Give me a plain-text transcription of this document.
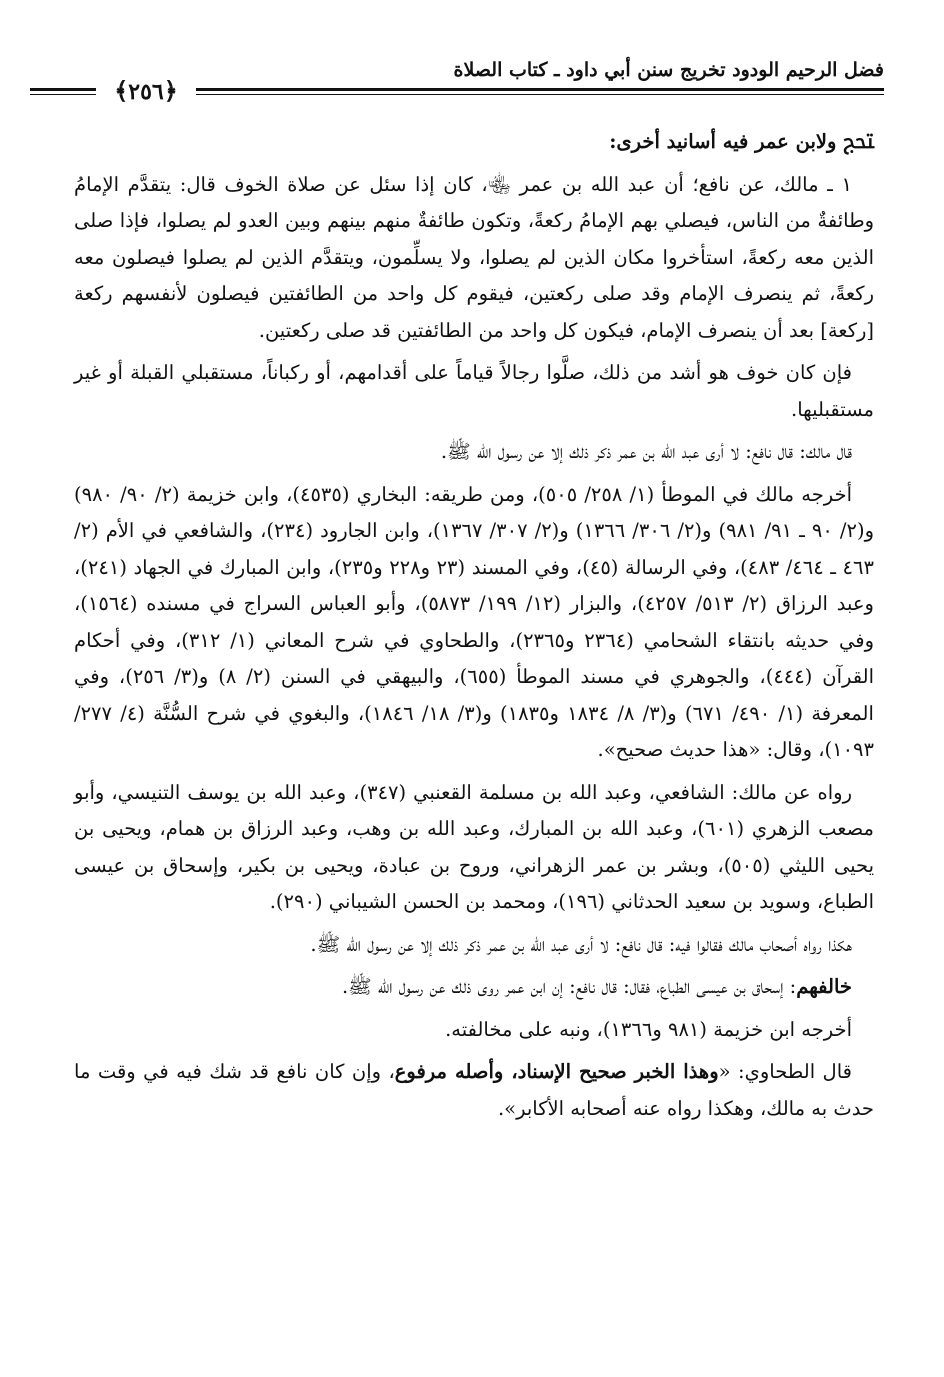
فضل الرحيم الودود تخريج سنن أبي داود ـ كتاب الصلاة
﴿٢٥٦﴾

ﵑ ولابن عمر فيه أسانيد أخرى:

١ ـ مالك، عن نافع؛ أن عبد الله بن عمر ﵄، كان إذا سئل عن صلاة الخوف قال: يتقدَّم الإمامُ وطائفةٌ من الناس، فيصلي بهم الإمامُ ركعةً، وتكون طائفةٌ منهم بينهم وبين العدو لم يصلوا، فإذا صلى الذين معه ركعةً، استأخروا مكان الذين لم يصلوا، ولا يسلِّمون، ويتقدَّم الذين لم يصلوا فيصلون معه ركعةً، ثم ينصرف الإمام وقد صلى ركعتين، فيقوم كل واحد من الطائفتين فيصلون لأنفسهم ركعة [ركعة] بعد أن ينصرف الإمام، فيكون كل واحد من الطائفتين قد صلى ركعتين.

فإن كان خوف هو أشد من ذلك، صلَّوا رجالاً قياماً على أقدامهم، أو ركباناً، مستقبلي القبلة أو غير مستقبليها.

قال مالك: قال نافع: لا أرى عبد الله بن عمر ذكر ذلك إلا عن رسول الله ﷺ.

أخرجه مالك في الموطأ (١/ ٢٥٨/ ٥٠٥)، ومن طريقه: البخاري (٤٥٣٥)، وابن خزيمة (٢/ ٩٠/ ٩٨٠) و(٢/ ٩٠ ـ ٩١/ ٩٨١) و(٢/ ٣٠٦/ ١٣٦٦) و(٢/ ٣٠٧/ ١٣٦٧)، وابن الجارود (٢٣٤)، والشافعي في الأم (٢/ ٤٦٣ ـ ٤٦٤/ ٤٨٣)، وفي الرسالة (٤٥)، وفي المسند (٢٣ و٢٢٨ و٢٣٥)، وابن المبارك في الجهاد (٢٤١)، وعبد الرزاق (٢/ ٥١٣/ ٤٢٥٧)، والبزار (١٢/ ١٩٩/ ٥٨٧٣)، وأبو العباس السراج في مسنده (١٥٦٤)، وفي حديثه بانتقاء الشحامي (٢٣٦٤ و٢٣٦٥)، والطحاوي في شرح المعاني (١/ ٣١٢)، وفي أحكام القرآن (٤٤٤)، والجوهري في مسند الموطأ (٦٥٥)، والبيهقي في السنن (٢/ ٨) و(٣/ ٢٥٦)، وفي المعرفة (١/ ٤٩٠/ ٦٧١) و(٣/ ٨/ ١٨٣٤ و١٨٣٥) و(٣/ ١٨/ ١٨٤٦)، والبغوي في شرح السُّنَّة (٤/ ٢٧٧/ ١٠٩٣)، وقال: «هذا حديث صحيح».

رواه عن مالك: الشافعي، وعبد الله بن مسلمة القعنبي (٣٤٧)، وعبد الله بن يوسف التنيسي، وأبو مصعب الزهري (٦٠١)، وعبد الله بن المبارك، وعبد الله بن وهب، وعبد الرزاق بن همام، ويحيى بن يحيى الليثي (٥٠٥)، وبشر بن عمر الزهراني، وروح بن عبادة، ويحيى بن بكير، وإسحاق بن عيسى الطباع، وسويد بن سعيد الحدثاني (١٩٦)، ومحمد بن الحسن الشيباني (٢٩٠).

هكذا رواه أصحاب مالك فقالوا فيه: قال نافع: لا أرى عبد الله بن عمر ذكر ذلك إلا عن رسول الله ﷺ.

خالفهم: إسحاق بن عيسى الطباع، فقال: قال نافع: إن ابن عمر روى ذلك عن رسول الله ﷺ.

أخرجه ابن خزيمة (٩٨١ و١٣٦٦)، ونبه على مخالفته.

قال الطحاوي: «وهذا الخبر صحيح الإسناد، وأصله مرفوع، وإن كان نافع قد شك فيه في وقت ما حدث به مالك، وهكذا رواه عنه أصحابه الأكابر».
